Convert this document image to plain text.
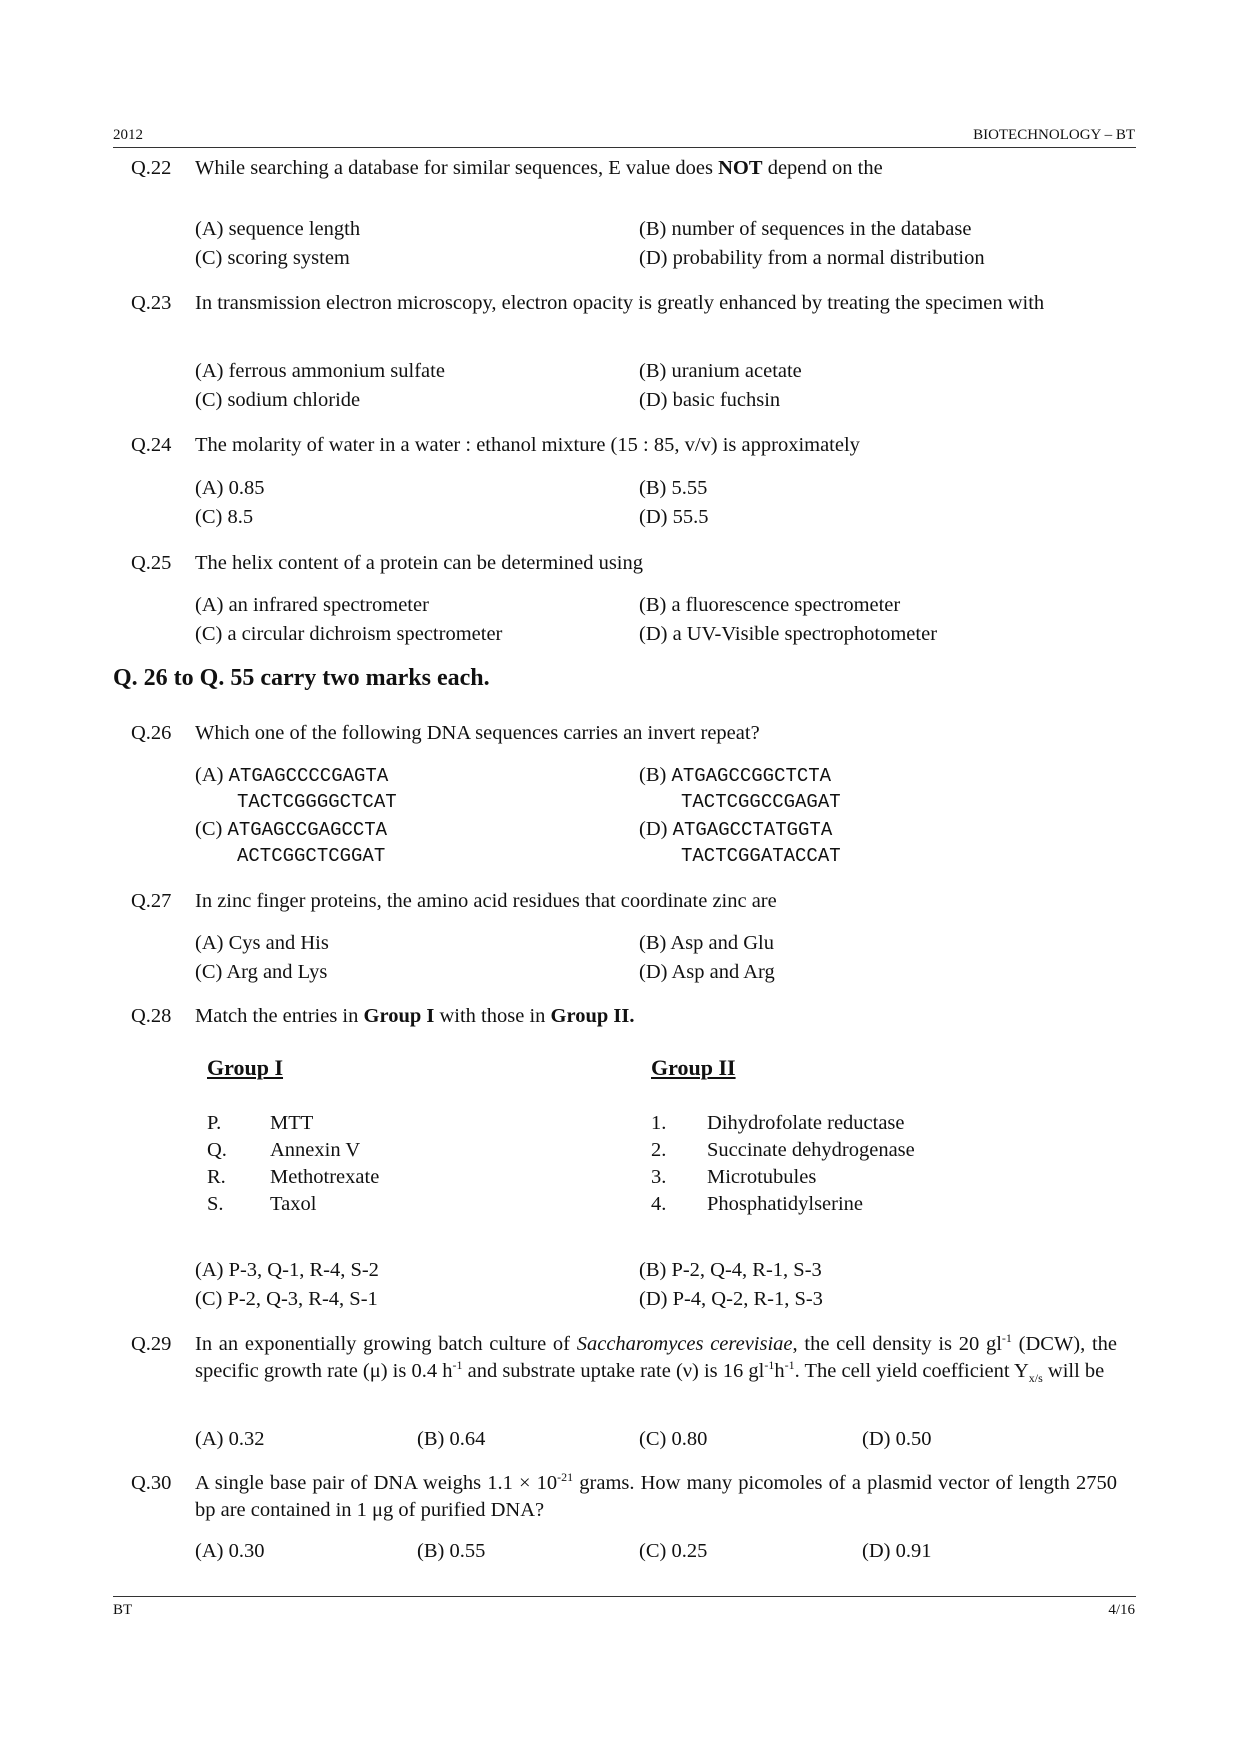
2012	BIOTECHNOLOGY – BT
Q.22 While searching a database for similar sequences, E value does NOT depend on the
(A) sequence length	(B) number of sequences in the database
(C) scoring system	(D) probability from a normal distribution
Q.23 In transmission electron microscopy, electron opacity is greatly enhanced by treating the specimen with
(A) ferrous ammonium sulfate	(B) uranium acetate
(C) sodium chloride	(D) basic fuchsin
Q.24 The molarity of water in a water : ethanol mixture (15 : 85, v/v) is approximately
(A) 0.85	(B) 5.55
(C) 8.5	(D) 55.5
Q.25 The helix content of a protein can be determined using
(A) an infrared spectrometer	(B) a fluorescence spectrometer
(C) a circular dichroism spectrometer	(D) a UV-Visible spectrophotometer
Q. 26 to Q. 55 carry two marks each.
Q.26 Which one of the following DNA sequences carries an invert repeat?
(A) ATGAGCCCCGAGTA
TACTCGGGGCTCAT
(B) ATGAGCCGGCTCTA
TACTCGGCCGAGAT
(C) ATGAGCCGAGCCTA
ACTCGGCTCGGAT
(D) ATGAGCCTATGGTA
TACTCGGATACCAT
Q.27 In zinc finger proteins, the amino acid residues that coordinate zinc are
(A) Cys and His	(B) Asp and Glu
(C) Arg and Lys	(D) Asp and Arg
Q.28 Match the entries in Group I with those in Group II.
Group I	Group II
P. MTT
Q. Annexin V
R. Methotrexate
S. Taxol
1. Dihydrofolate reductase
2. Succinate dehydrogenase
3. Microtubules
4. Phosphatidylserine
(A) P-3, Q-1, R-4, S-2	(B) P-2, Q-4, R-1, S-3
(C) P-2, Q-3, R-4, S-1	(D) P-4, Q-2, R-1, S-3
Q.29 In an exponentially growing batch culture of Saccharomyces cerevisiae, the cell density is 20 $gl^{-1}$ (DCW), the specific growth rate (μ) is 0.4 $h^{-1}$ and substrate uptake rate (ν) is 16 $gl^{-1}h^{-1}$. The cell yield coefficient $Y_{x/s}$ will be
(A) 0.32	(B) 0.64	(C) 0.80	(D) 0.50
Q.30 A single base pair of DNA weighs $1.1 \times 10^{-21}$ grams. How many picomoles of a plasmid vector of length 2750 bp are contained in 1 μg of purified DNA?
(A) 0.30	(B) 0.55	(C) 0.25	(D) 0.91
BT	4/16
